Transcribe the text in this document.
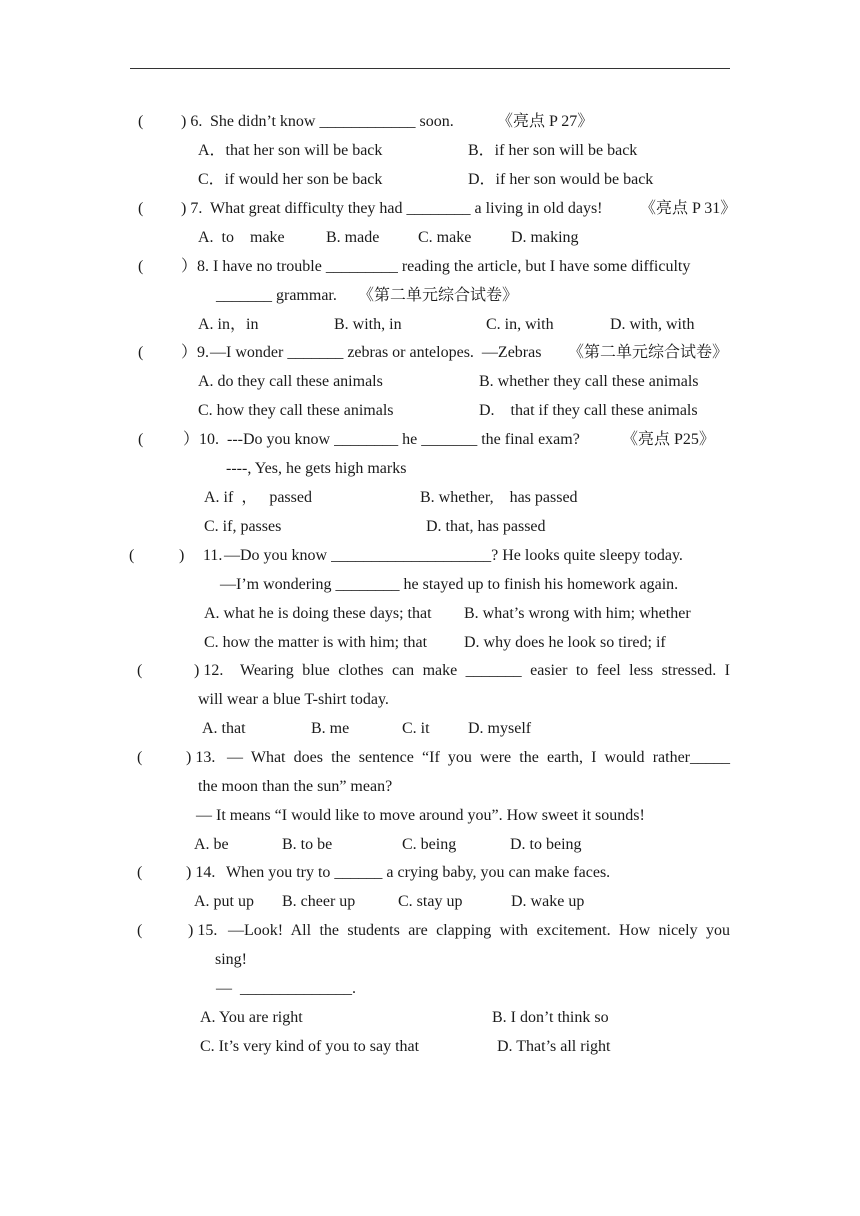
( ) 6. She didn’t know ____________ soon.	《亮点 P 27》
A．that her son will be back	B．if her son will be back
C．if would her son be back	D．if her son would be back
( ) 7. What great difficulty they had ________ a living in old days! 《亮点 P 31》
A.  to    make	B. made C. make D. making
( ）8. I have no trouble _________ reading the article, but I have some difficulty
_______ grammar. 《第二单元综合试卷》
A. in，in	B. with, in	C. in, with	D. with, with
( ）9. —I wonder _______ zebras or antelopes.  —Zebras 《第二单元综合试卷》
A. do they call these animals	B. whether they call these animals
C. how they call these animals	D.    that if they call these animals
( ）10. ---Do you know ________ he _______ the final exam?	《亮点 P25》
----, Yes, he gets high marks
A. if  ，   passed	B. whether,    has passed
C. if, passes	D. that, has passed
(	) 11. —Do you know ____________________? He looks quite sleepy today.
—I’m wondering ________ he stayed up to finish his homework again.
A. what he is doing these days; that B. what’s wrong with him; whether
C. how the matter is with him; that D. why does he look so tired; if
(	) 12. Wearing blue clothes can make _______ easier to feel less stressed. I
will wear a blue T-shirt today.
A. that	B. me	C. it D. myself
(	) 13. — What does the sentence “If you were the earth, I would rather_____
the moon than the sun” mean?
— It means “I would like to move around you”. How sweet it sounds!
A. be	B. to be	C. being	D. to being
(	) 14. When you try to ______ a crying baby, you can make faces.
A. put up B. cheer up	C. stay up	D. wake up
(	) 15. —Look! All the students are clapping with excitement. How nicely you
sing!
—  ______________.
A. You are right	B. I don’t think so
C. It’s very kind of you to say that	D. That’s all right
